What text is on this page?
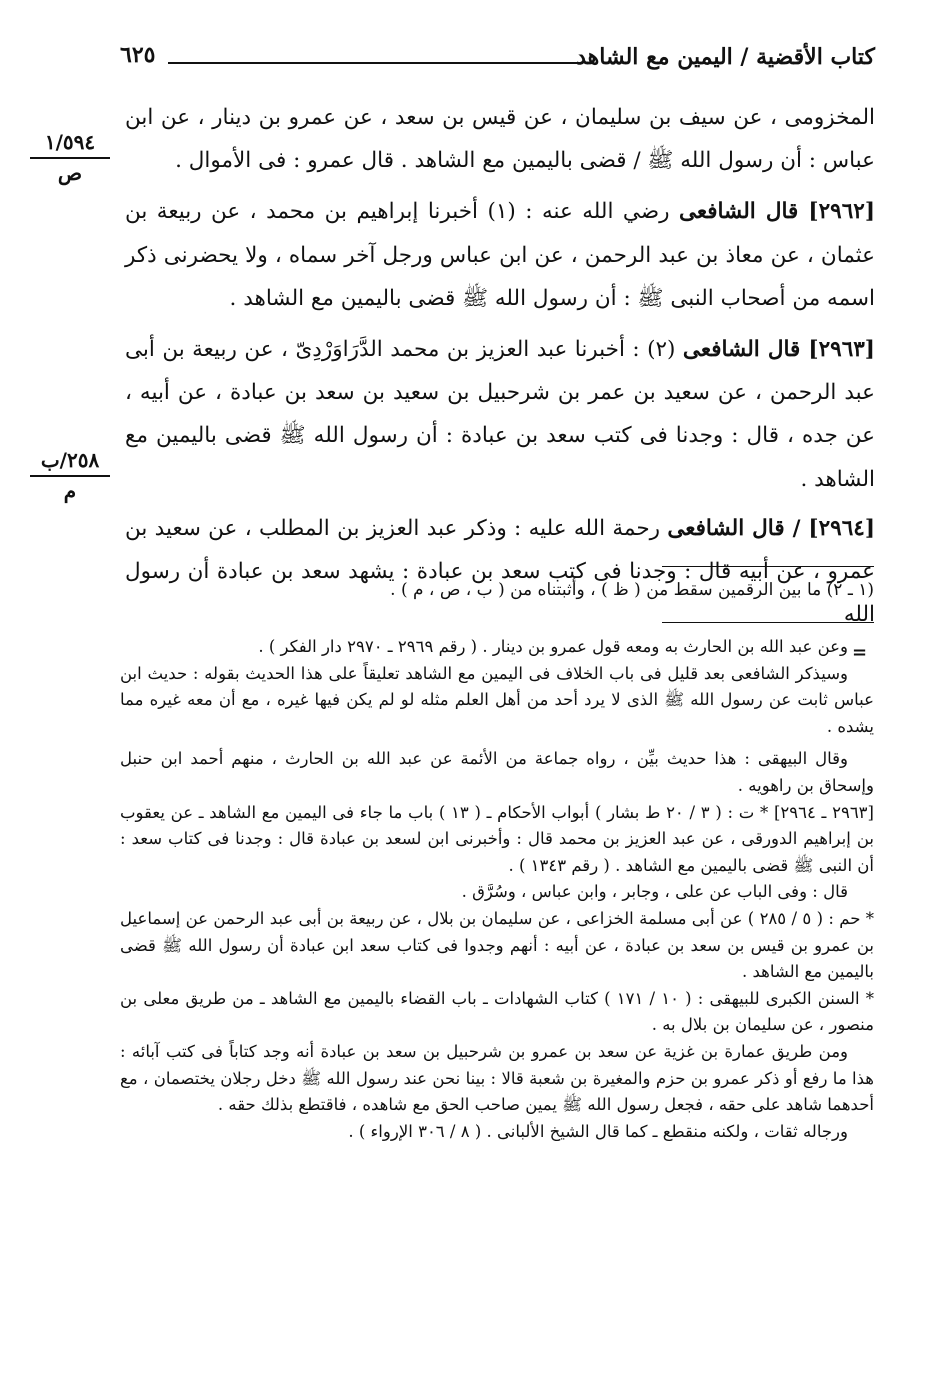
كتاب الأقضية / اليمين مع الشاهد
٦٢٥
١/٥٩٤
ص
٢٥٨/ب
م

المخزومى ، عن سيف بن سليمان ، عن قيس بن سعد ، عن عمرو بن دينار ، عن ابن عباس : أن رسول الله ﷺ / قضى باليمين مع الشاهد . قال عمرو : فى الأموال .

[٢٩٦٢] قال الشافعى رضي الله عنه : (١) أخبرنا إبراهيم بن محمد ، عن ربيعة بن عثمان ، عن معاذ بن عبد الرحمن ، عن ابن عباس ورجل آخر سماه ، ولا يحضرنى ذكر اسمه من أصحاب النبى ﷺ : أن رسول الله ﷺ قضى باليمين مع الشاهد .

[٢٩٦٣] قال الشافعى (٢) : أخبرنا عبد العزيز بن محمد الدَّرَاوَرْدِىّ ، عن ربيعة بن أبى عبد الرحمن ، عن سعيد بن عمر بن شرحبيل بن سعيد بن سعد بن عبادة ، عن أبيه ، عن جده ، قال : وجدنا فى كتب سعد بن عبادة : أن رسول الله ﷺ قضى باليمين مع الشاهد .

[٢٩٦٤] / قال الشافعى رحمة الله عليه : وذكر عبد العزيز بن المطلب ، عن سعيد بن عمرو ، عن أبيه قال : وجدنا فى كتب سعد بن عبادة : يشهد سعد بن عبادة أن رسول الله

(١ ـ ٢) ما بين الرقمين سقط من ( ظ ) ، وأثبتناه من ( ب ، ص ، م ) .
=

وعن عبد الله بن الحارث به ومعه قول عمرو بن دينار . ( رقم ٢٩٦٩ ـ ٢٩٧٠ دار الفكر ) .

وسيذكر الشافعى بعد قليل فى باب الخلاف فى اليمين مع الشاهد تعليقاً على هذا الحديث بقوله : حديث ابن عباس ثابت عن رسول الله ﷺ الذى لا يرد أحد من أهل العلم مثله لو لم يكن فيها غيره ، مع أن معه غيره مما يشده .

وقال البيهقى : هذا حديث بيِّن ، رواه جماعة من الأئمة عن عبد الله بن الحارث ، منهم أحمد ابن حنبل وإسحاق بن راهويه .

[٢٩٦٣ ـ ٢٩٦٤] * ت : ( ٣ / ٢٠ ط بشار ) أبواب الأحكام ـ ( ١٣ ) باب ما جاء فى اليمين مع الشاهد ـ عن يعقوب بن إبراهيم الدورقى ، عن عبد العزيز بن محمد قال : وأخبرنى ابن لسعد بن عبادة قال : وجدنا فى كتاب سعد : أن النبى ﷺ قضى باليمين مع الشاهد . ( رقم ١٣٤٣ ) .

قال : وفى الباب عن على ، وجابر ، وابن عباس ، وسُرَّق .

* حم : ( ٥ / ٢٨٥ ) عن أبى مسلمة الخزاعى ، عن سليمان بن بلال ، عن ربيعة بن أبى عبد الرحمن عن إسماعيل بن عمرو بن قيس بن سعد بن عبادة ، عن أبيه : أنهم وجدوا فى كتاب سعد ابن عبادة أن رسول الله ﷺ قضى باليمين مع الشاهد .

* السنن الكبرى للبيهقى : ( ١٠ / ١٧١ ) كتاب الشهادات ـ باب القضاء باليمين مع الشاهد ـ من طريق معلى بن منصور ، عن سليمان بن بلال به .

ومن طريق عمارة بن غزية عن سعد بن عمرو بن شرحبيل بن سعد بن عبادة أنه وجد كتاباً فى كتب آبائه : هذا ما رفع أو ذكر عمرو بن حزم والمغيرة بن شعبة قالا : بينا نحن عند رسول الله ﷺ دخل رجلان يختصمان ، مع أحدهما شاهد على حقه ، فجعل رسول الله ﷺ يمين صاحب الحق مع شاهده ، فاقتطع بذلك حقه .

ورجاله ثقات ، ولكنه منقطع ـ كما قال الشيخ الألبانى . ( ٨ / ٣٠٦ الإرواء ) .
